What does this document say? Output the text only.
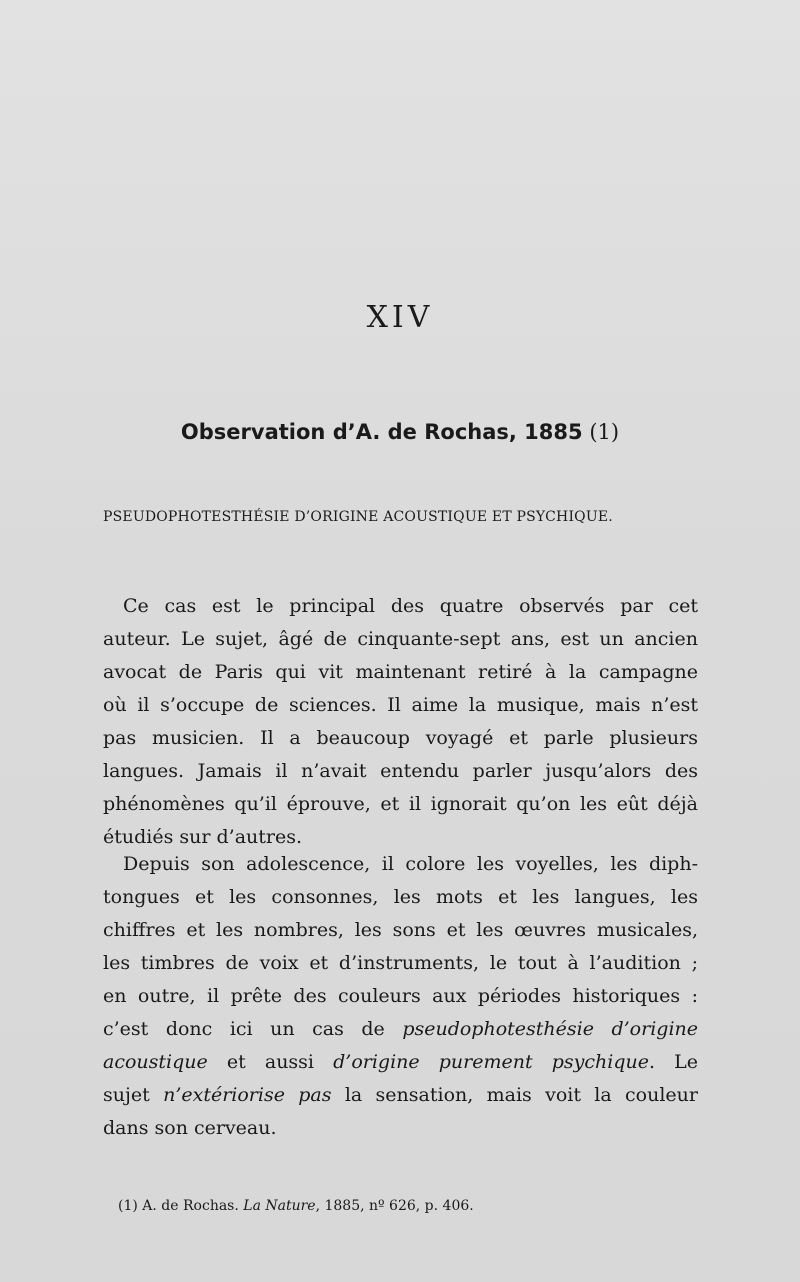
XIV
Observation d’A. de Rochas, 1885 (1)
PSEUDOPHOTESTHÉSIE D’ORIGINE ACOUSTIQUE ET PSYCHIQUE.
Ce cas est le principal des quatre observés par cet
auteur. Le sujet, âgé de cinquante-sept ans, est un ancien
avocat de Paris qui vit maintenant retiré à la campagne
où il s’occupe de sciences. Il aime la musique, mais n’est
pas musicien. Il a beaucoup voyagé et parle plusieurs
langues. Jamais il n’avait entendu parler jusqu’alors des
phénomènes qu’il éprouve, et il ignorait qu’on les eût déjà
étudiés sur d’autres.
Depuis son adolescence, il colore les voyelles, les diph-
tongues et les consonnes, les mots et les langues, les
chiffres et les nombres, les sons et les œuvres musicales,
les timbres de voix et d’instruments, le tout à l’audition ;
en outre, il prête des couleurs aux périodes historiques :
c’est donc ici un cas de pseudophotesthésie d’origine
acoustique et aussi d’origine purement psychique. Le
sujet n’extériorise pas la sensation, mais voit la couleur
dans son cerveau.
(1) A. de Rochas. La Nature, 1885, nº 626, p. 406.
